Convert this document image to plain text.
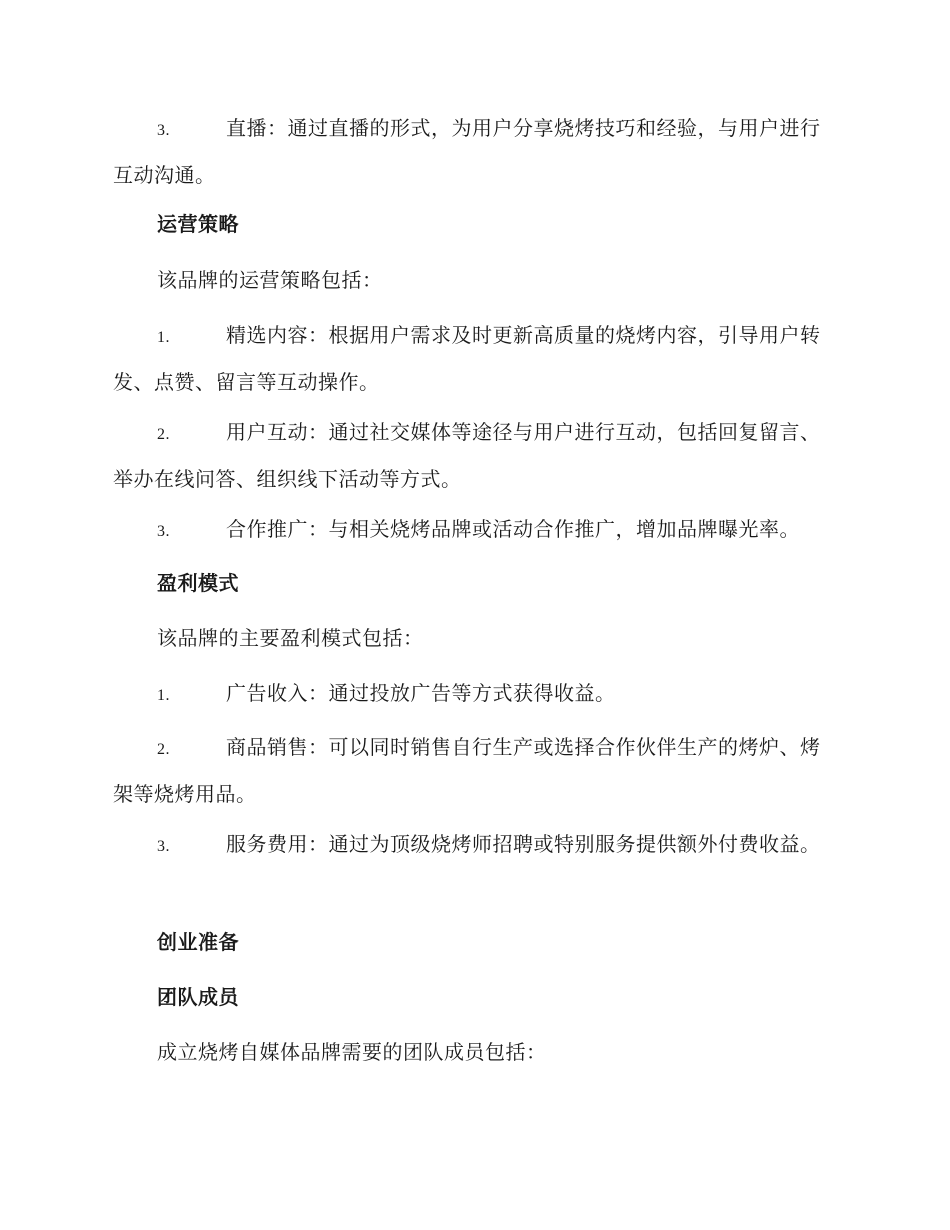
3.	直播：通过直播的形式，为用户分享烧烤技巧和经验，与用户进行互动沟通。
运营策略
该品牌的运营策略包括：
1.	精选内容：根据用户需求及时更新高质量的烧烤内容，引导用户转发、点赞、留言等互动操作。
2.	用户互动：通过社交媒体等途径与用户进行互动，包括回复留言、举办在线问答、组织线下活动等方式。
3.	合作推广：与相关烧烤品牌或活动合作推广，增加品牌曝光率。
盈利模式
该品牌的主要盈利模式包括：
1.	广告收入：通过投放广告等方式获得收益。
2.	商品销售：可以同时销售自行生产或选择合作伙伴生产的烤炉、烤架等烧烤用品。
3.	服务费用：通过为顶级烧烤师招聘或特别服务提供额外付费收益。
创业准备
团队成员
成立烧烤自媒体品牌需要的团队成员包括：
